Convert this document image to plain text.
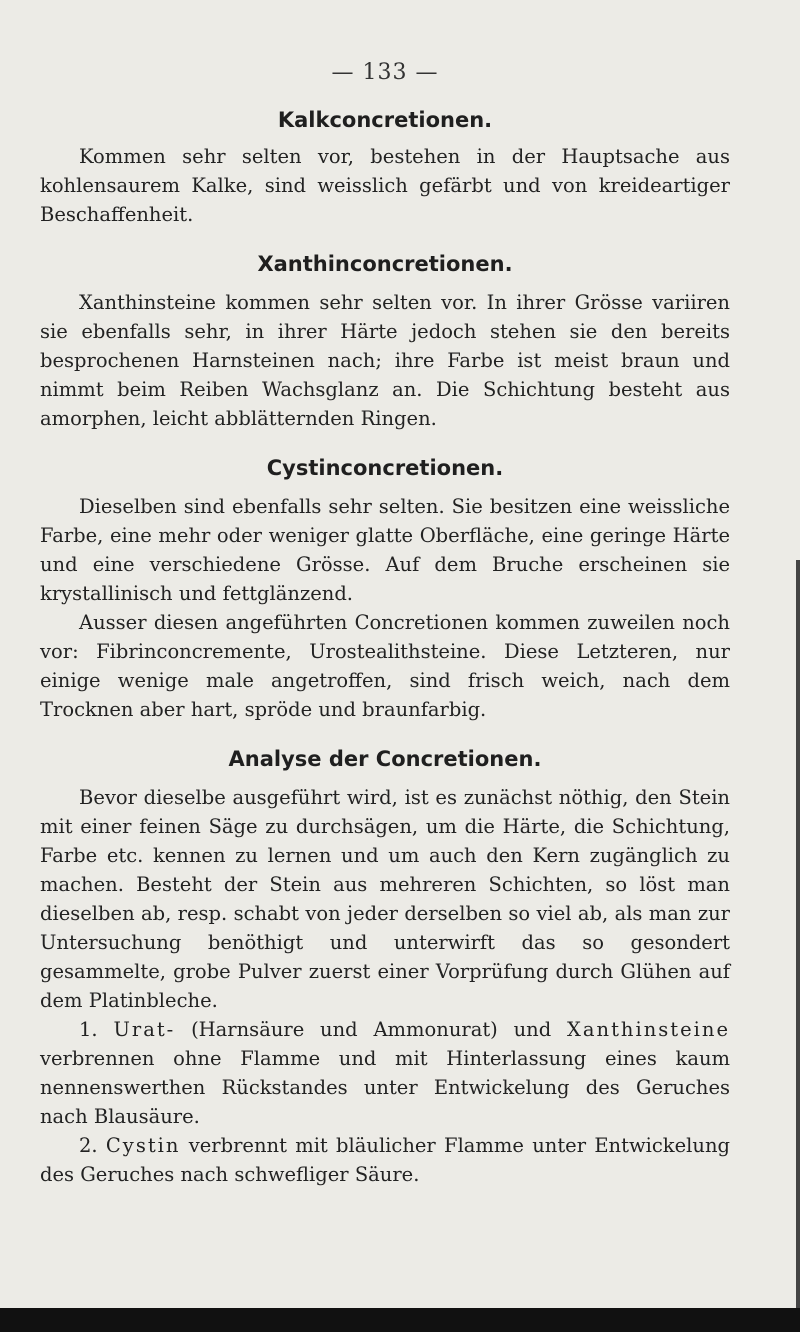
— 133 —
Kalkconcretionen.

Kommen sehr selten vor, bestehen in der Hauptsache aus kohlensaurem Kalke, sind weisslich gefärbt und von kreideartiger Beschaffenheit.

Xanthinconcretionen.

Xanthinsteine kommen sehr selten vor. In ihrer Grösse variiren sie ebenfalls sehr, in ihrer Härte jedoch stehen sie den bereits besprochenen Harnsteinen nach; ihre Farbe ist meist braun und nimmt beim Reiben Wachsglanz an. Die Schichtung besteht aus amorphen, leicht abblätternden Ringen.

Cystinconcretionen.

Dieselben sind ebenfalls sehr selten. Sie besitzen eine weissliche Farbe, eine mehr oder weniger glatte Oberfläche, eine geringe Härte und eine verschiedene Grösse. Auf dem Bruche erscheinen sie krystallinisch und fettglänzend.

Ausser diesen angeführten Concretionen kommen zuweilen noch vor: Fibrinconcremente, Urostealithsteine. Diese Letzteren, nur einige wenige male angetroffen, sind frisch weich, nach dem Trocknen aber hart, spröde und braunfarbig.

Analyse der Concretionen.

Bevor dieselbe ausgeführt wird, ist es zunächst nöthig, den Stein mit einer feinen Säge zu durchsägen, um die Härte, die Schichtung, Farbe etc. kennen zu lernen und um auch den Kern zugänglich zu machen. Besteht der Stein aus mehreren Schichten, so löst man dieselben ab, resp. schabt von jeder derselben so viel ab, als man zur Untersuchung benöthigt und unterwirft das so gesondert gesammelte, grobe Pulver zuerst einer Vorprüfung durch Glühen auf dem Platinbleche.

1. Urat- (Harnsäure und Ammonurat) und Xanthinsteine verbrennen ohne Flamme und mit Hinterlassung eines kaum nennenswerthen Rückstandes unter Entwickelung des Geruches nach Blausäure.

2. Cystin verbrennt mit bläulicher Flamme unter Entwickelung des Geruches nach schwefliger Säure.
